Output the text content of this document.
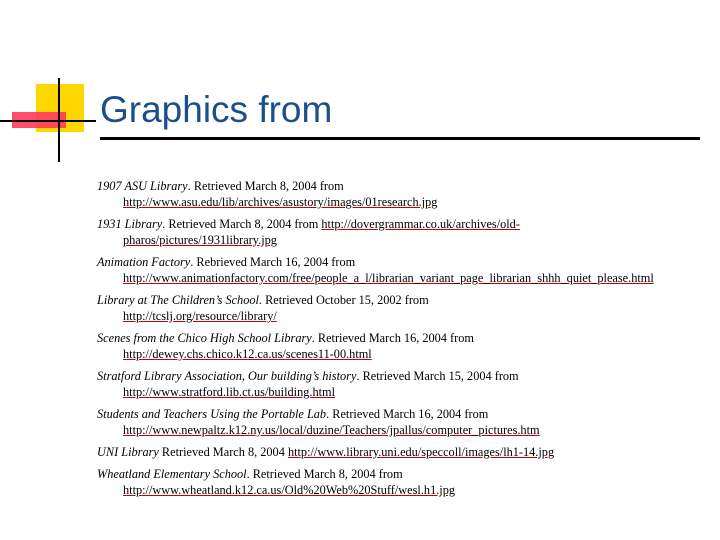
Graphics from
1907 ASU Library. Retrieved March 8, 2004 from
http://www.asu.edu/lib/archives/asustory/images/01research.jpg
1931 Library. Retrieved March 8, 2004 from http://dovergrammar.co.uk/archives/old-pharos/pictures/1931library.jpg
Animation Factory. Rebrieved March 16, 2004 from
http://www.animationfactory.com/free/people_a_l/librarian_variant_page_librarian_shhh_quiet_please.html
Library at The Children’s School. Retrieved October 15, 2002 from
http://tcslj.org/resource/library/
Scenes from the Chico High School Library. Retrieved March 16, 2004 from
http://dewey.chs.chico.k12.ca.us/scenes11-00.html
Stratford Library Association, Our building’s history. Retrieved March 15, 2004 from
http://www.stratford.lib.ct.us/building.html
Students and Teachers Using the Portable Lab. Retrieved March 16, 2004 from
http://www.newpaltz.k12.ny.us/local/duzine/Teachers/jpallus/computer_pictures.htm
UNI Library Retrieved March 8, 2004 http://www.library.uni.edu/speccoll/images/lh1-14.jpg
Wheatland Elementary School. Retrieved March 8, 2004 from
http://www.wheatland.k12.ca.us/Old%20Web%20Stuff/wesl.h1.jpg
